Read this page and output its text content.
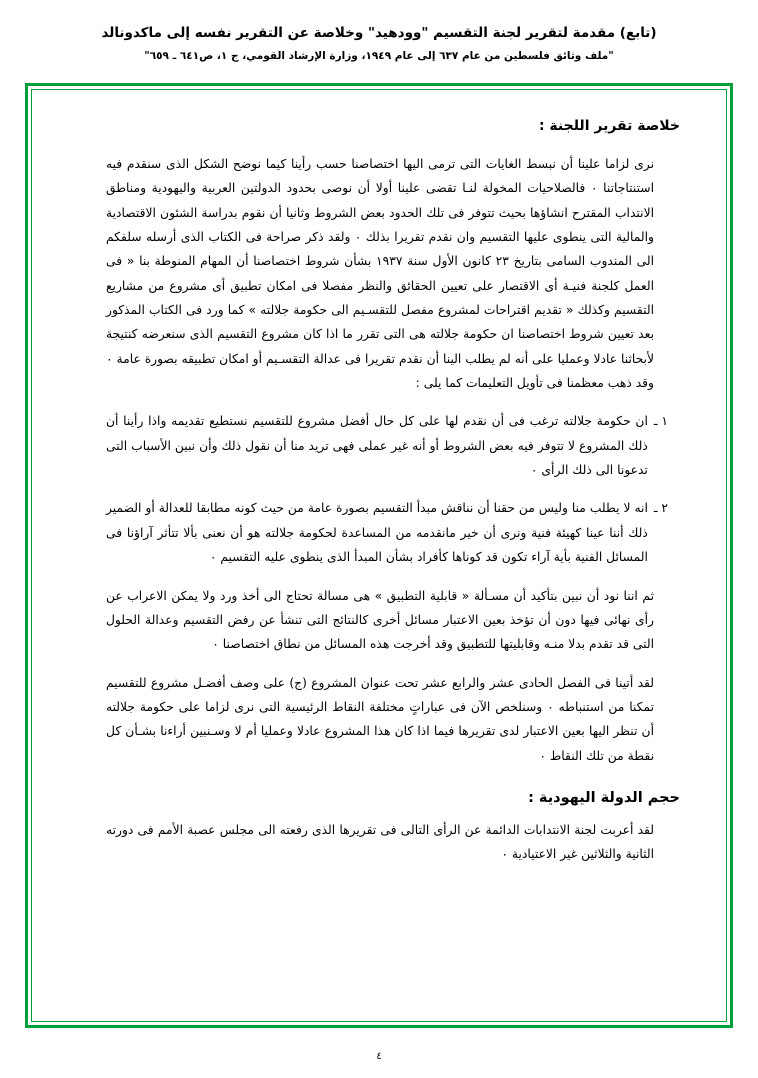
(تابع) مقدمة لتقرير لجنة التقسيم "وودهيد" وخلاصة عن التقرير نفسه إلى ماكدونالد
"ملف وثائق فلسطين من عام ٦٣٧ إلى عام ١٩٤٩، وزارة الإرشاد القومي، ج ١، ص٦٤١ ـ ٦٥٩"
خلاصة تقرير اللجنة :

نرى لزاما علينا أن نبسط الغايات التى ترمى اليها اختصاصنا حسب رأينا كيما نوضح الشكل الذى سنقدم فيه استنتاجاتنا ٠ فالصلاحيات المخولة لنـا تقضى علينا أولا أن نوصى بحدود الدولتين العربية واليهودية ومناطق الانتداب المقترح انشاؤها بحيث تتوفر فى تلك الحدود بعض الشروط وثانيا أن نقوم بدراسة الشئون الاقتصادية والمالية التى ينطوى عليها التقسيم وان نقدم تقريرا بذلك ٠ ولقد ذكر صراحة فى الكتاب الذى أرسله سلفكم الى المندوب السامى بتاريخ ٢٣ كانون الأول سنة ١٩٣٧ بشأن شروط اختصاصنا أن المهام المنوطة بنا « فى العمل كلجنة فنيـة أى الاقتصار على تعيين الحقائق والنظر مفصلا فى امكان تطبيق أى مشروع من مشاريع التقسيم وكذلك « تقديم اقتراحات لمشروع مفصل للتقسـيم الى حكومة جلالته » كما ورد فى الكتاب المذكور بعد تعيين شروط اختصاصنا ان حكومة جلالته هى التى تقرر ما اذا كان مشروع التقسيم الذى سنعرضه كنتيجة لأبحاثنا عادلا وعمليا على أنه لم يطلب الينا أن نقدم تقريرا فى عدالة التقسـيم أو امكان تطبيقه بصورة عامة ٠ وقد ذهب معظمنا فى تأويل التعليمات كما يلى :

١ ـ
ان حكومة جلالته ترغب فى أن نقدم لها على كل حال أفضل مشروع للتقسيم نستطيع تقديمه واذا رأينا أن ذلك المشروع لا تتوفر فيه بعض الشروط أو أنه غير عملى فهى تريد منا أن نقول ذلك وأن نبين الأسباب التى تدعونا الى ذلك الرأى ٠
٢ ـ
انه لا يطلب منا وليس من حقنا أن نناقش مبدأ التقسيم بصورة عامة من حيث كونه مطابقا للعدالة أو الضمير ذلك أننا عينا كهيئة فنية ونرى أن خير مانقدمه من المساعدة لحكومة جلالته هو أن نعنى بألا تتأثر آراؤنا فى المسائل الفنية بأية آراء تكون قد كوناها كأفراد بشأن المبدأ الذى ينطوى عليه التقسيم ٠

ثم اننا نود أن نبين بتأكيد أن مسـألة « قابلية التطبيق » هى مسالة تحتاج الى أخذ ورد ولا يمكن الاعراب عن رأى نهائى فيها دون أن تؤخذ بعين الاعتبار مسائل أخرى كالنتائج التى تنشأ عن رفض التقسيم وعدالة الحلول التى قد تقدم بدلا منـه وقابليتها للتطبيق وقد أخرجت هذه المسائل من نطاق اختصاصنا ٠

لقد أتينا فى الفصل الحادى عشر والرابع عشر تحت عنوان المشروع (ج) على وصف أفضـل مشروع للتقسيم تمكنا من استنباطه ٠ وسنلخص الآن فى عباراتٍ مختلفة النقاط الرئيسية التى نرى لزاما على حكومة جلالته أن تنظر اليها بعين الاعتبار لدى تقريرها فيما اذا كان هذا المشروع عادلا وعمليا أم لا وسـنبين أراءنا بشـأن كل نقطة من تلك النقاط ٠

حجم الدولة اليهودية :

لقد أعربت لجنة الانتدابات الدائمة عن الرأى التالى فى تقريرها الذى رفعته الى مجلس عصبة الأمم فى دورته الثانية والثلاثين غير الاعتيادية ٠

٤
